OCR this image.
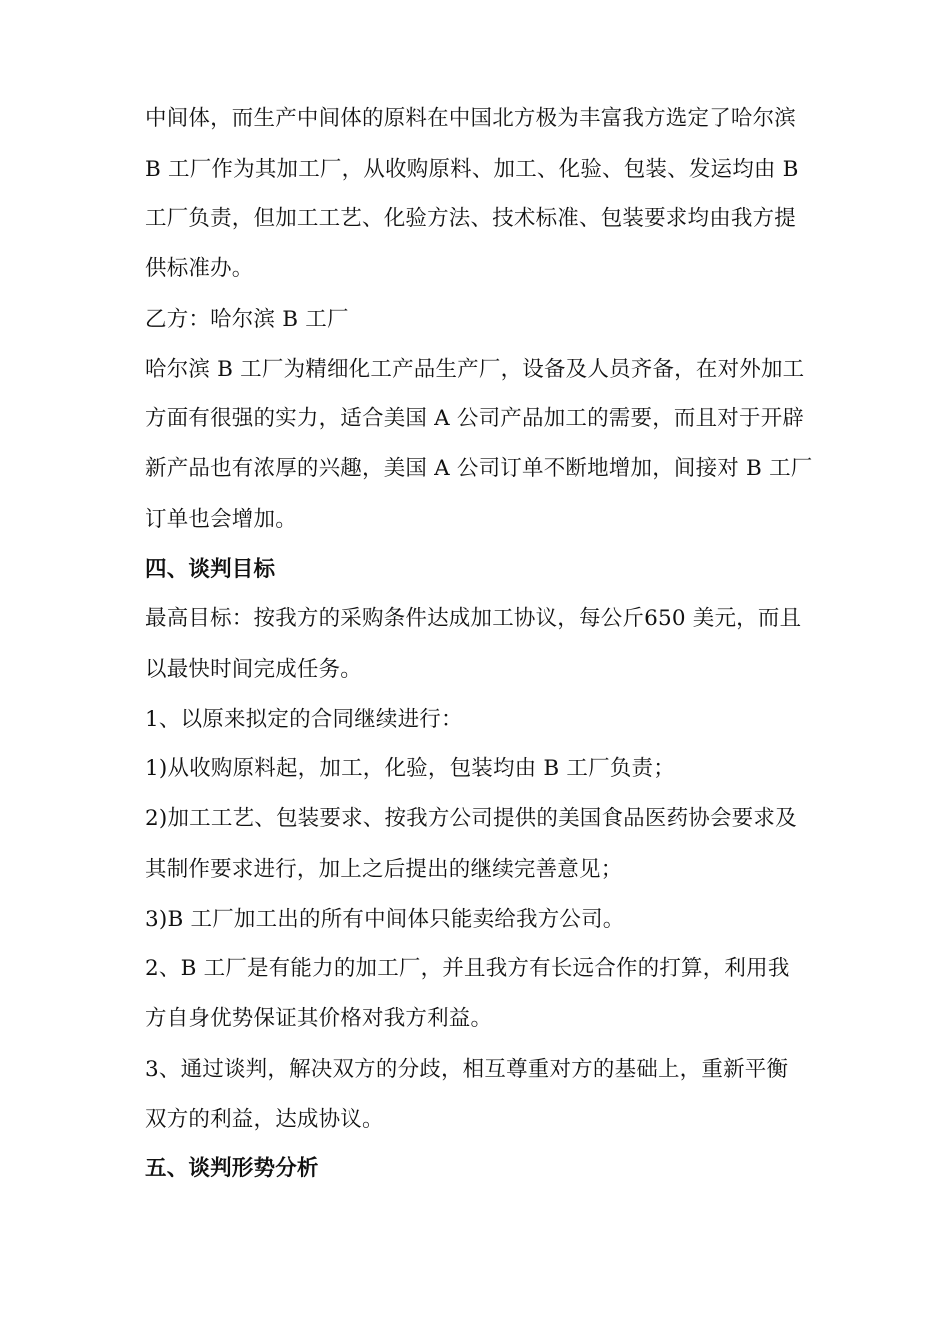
中间体，而生产中间体的原料在中国北方极为丰富我方选定了哈尔滨
B 工厂作为其加工厂，从收购原料、加工、化验、包装、发运均由 B
工厂负责，但加工工艺、化验方法、技术标准、包装要求均由我方提
供标准办。
乙方：哈尔滨 B 工厂
哈尔滨 B 工厂为精细化工产品生产厂，设备及人员齐备，在对外加工
方面有很强的实力，适合美国 A 公司产品加工的需要，而且对于开辟
新产品也有浓厚的兴趣，美国 A 公司订单不断地增加，间接对 B 工厂
订单也会增加。
四、谈判目标
最高目标：按我方的采购条件达成加工协议，每公斤650 美元，而且
以最快时间完成任务。
1、以原来拟定的合同继续进行：
1)从收购原料起，加工，化验，包装均由 B 工厂负责；
2)加工工艺、包装要求、按我方公司提供的美国食品医药协会要求及
其制作要求进行，加上之后提出的继续完善意见；
3)B 工厂加工出的所有中间体只能卖给我方公司。
2、B 工厂是有能力的加工厂，并且我方有长远合作的打算，利用我
方自身优势保证其价格对我方利益。
3、通过谈判，解决双方的分歧，相互尊重对方的基础上，重新平衡
双方的利益，达成协议。
五、谈判形势分析
